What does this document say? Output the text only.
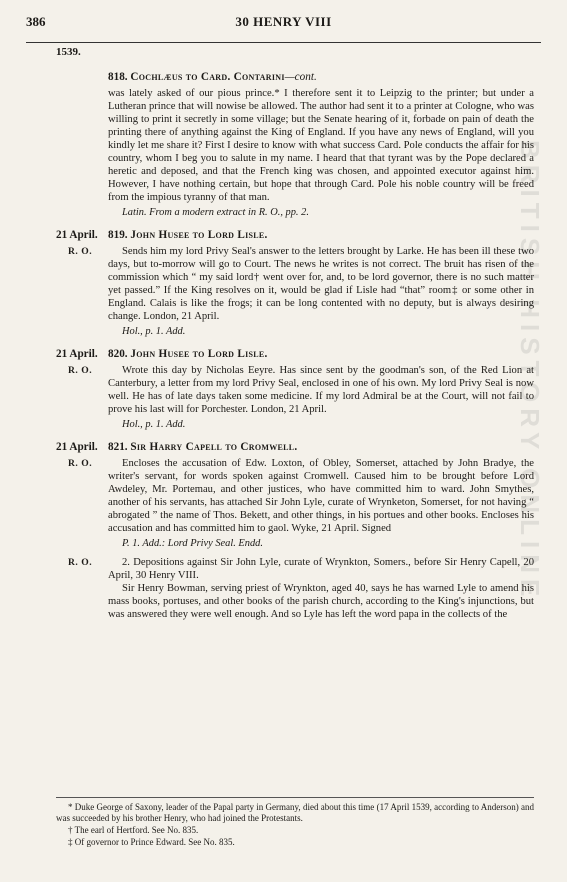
386	30 HENRY VIII
1539.
BRITISH HISTORY ONLINE
818. Cochlæus to Card. Contarini—cont.

was lately asked of our pious prince.* I therefore sent it to Leipzig to the printer; but under a Lutheran prince that will nowise be allowed. The author had sent it to a printer at Cologne, who was willing to print it secretly in some village; but the Senate hearing of it, forbade on pain of death the printing there of anything against the King of England. If you have any news of England, will you kindly let me share it? First I desire to know with what success Card. Pole conducts the affair for his country, whom I beg you to salute in my name. I heard that that tyrant was by the Pope declared a heretic and deposed, and that the French king was chosen, and appointed executor against him. However, I have nothing certain, but hope that through Card. Pole his noble country will be freed from the impious tyranny of that man.

Latin. From a modern extract in R. O., pp. 2.
21 April. 819. John Husee to Lord Lisle.
R. O.	Sends him my lord Privy Seal's answer to the letters brought by Larke. He has been ill these two days, but to-morrow will go to Court. The news he writes is not correct. The bruit has risen of the commission which “ my said lord† went over for, and, to be lord governor, there is no such matter yet passed.” If the King resolves on it, would be glad if Lisle had “that” room‡ or some other in England. Calais is like the frogs; it can be long contented with no deputy, but is always desiring change. London, 21 April.

Hol., p. 1. Add.
21 April. 820. John Husee to Lord Lisle.
R. O.	Wrote this day by Nicholas Eeyre. Has since sent by the goodman's son, of the Red Lion at Canterbury, a letter from my lord Privy Seal, enclosed in one of his own. My lord Privy Seal is now well. He has of late days taken some medicine. If my lord Admiral be at the Court, will not fail to prove his last will for Porchester. London, 21 April.

Hol., p. 1. Add.
21 April. 821. Sir Harry Capell to Cromwell.
R. O.	Encloses the accusation of Edw. Loxton, of Obley, Somerset, attached by John Bradye, the writer's servant, for words spoken against Cromwell. Caused him to be brought before Lord Awdeley, Mr. Portemau, and other justices, who have committed him to ward. John Smythes, another of his servants, has attached Sir John Lyle, curate of Wrynketon, Somerset, for not having “ abrogated ” the name of Thos. Bekett, and other things, in his portues and other books. Encloses his accusation and has committed him to gaol. Wyke, 21 April. Signed

P. 1. Add.: Lord Privy Seal. Endd.
R. O.	2. Depositions against Sir John Lyle, curate of Wrynkton, Somers., before Sir Henry Capell, 20 April, 30 Henry VIII.

Sir Henry Bowman, serving priest of Wrynkton, aged 40, says he has warned Lyle to amend his mass books, portuses, and other books of the parish church, according to the King's injunctions, but was answered they were well enough. And so Lyle has left the word papa in the collects of the

* Duke George of Saxony, leader of the Papal party in Germany, died about this time (17 April 1539, according to Anderson) and was succeeded by his brother Henry, who had joined the Protestants.

† The earl of Hertford. See No. 835.

‡ Of governor to Prince Edward. See No. 835.
